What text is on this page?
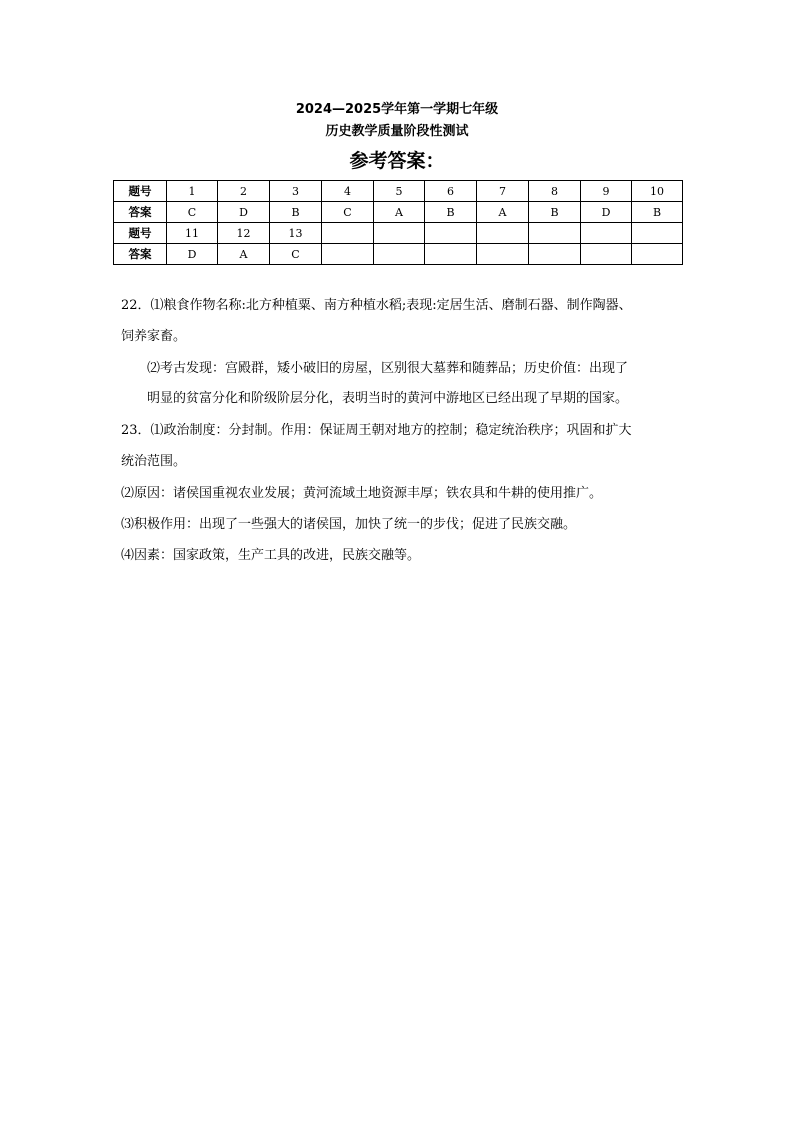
2024—2025学年第一学期七年级
历史教学质量阶段性测试
参考答案：
题号	1	2	3	4	5	6	7	8	9	10
答案	C	D	B	C	A	B	A	B	D	B
题号	11	12	13							
答案	D	A	C							
22．⑴粮食作物名称:北方种植粟、南方种植水稻;表现:定居生活、磨制石器、制作陶器、
饲养家畜。
⑵考古发现：宫殿群，矮小破旧的房屋，区别很大墓葬和随葬品；历史价值：出现了
明显的贫富分化和阶级阶层分化，表明当时的黄河中游地区已经出现了早期的国家。
23．⑴政治制度：分封制。作用：保证周王朝对地方的控制；稳定统治秩序；巩固和扩大
统治范围。
⑵原因：诸侯国重视农业发展；黄河流域土地资源丰厚；铁农具和牛耕的使用推广。
⑶积极作用：出现了一些强大的诸侯国，加快了统一的步伐；促进了民族交融。
⑷因素：国家政策，生产工具的改进，民族交融等。
